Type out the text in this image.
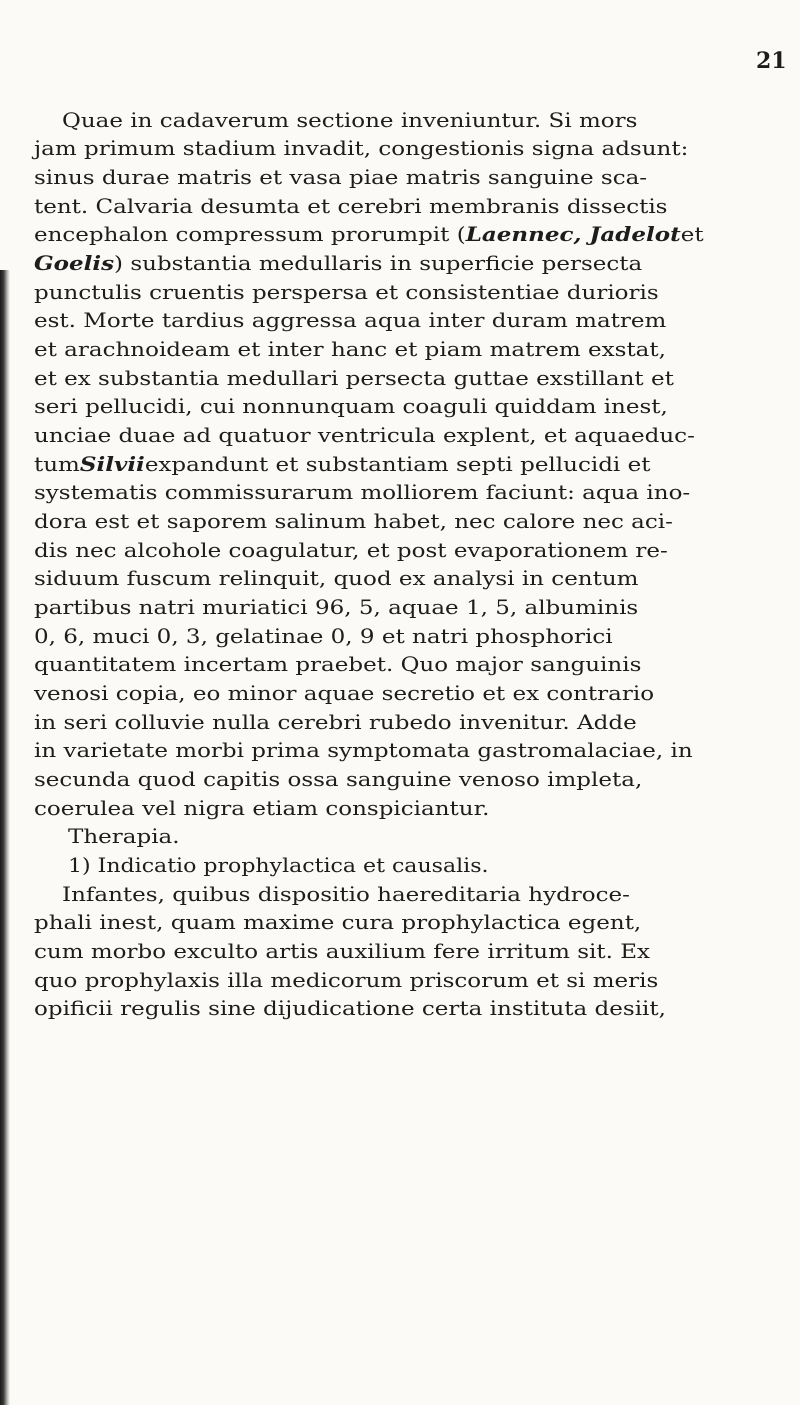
21
Quae in cadaverum sectione inveniuntur. Si mors
jam primum stadium invadit, congestionis signa adsunt:
sinus durae matris et vasa piae matris sanguine sca-
tent. Calvaria desumta et cerebri membranis dissectis
encephalon compressum prorumpit (Laennec, Jadelotet
Goelis) substantia medullaris in superficie persecta
punctulis cruentis perspersa et consistentiae durioris
est. Morte tardius aggressa aqua inter duram matrem
et arachnoideam et inter hanc et piam matrem exstat,
et ex substantia medullari persecta guttae exstillant et
seri pellucidi, cui nonnunquam coaguli quiddam inest,
unciae duae ad quatuor ventricula explent, et aquaeduc-
tumSilviiexpandunt et substantiam septi pellucidi et
systematis commissurarum molliorem faciunt: aqua ino-
dora est et saporem salinum habet, nec calore nec aci-
dis nec alcohole coagulatur, et post evaporationem re-
siduum fuscum relinquit, quod ex analysi in centum
partibus natri muriatici 96, 5, aquae 1, 5, albuminis
0, 6, muci 0, 3, gelatinae 0, 9 et natri phosphorici
quantitatem incertam praebet. Quo major sanguinis
venosi copia, eo minor aquae secretio et ex contrario
in seri colluvie nulla cerebri rubedo invenitur. Adde
in varietate morbi prima symptomata gastromalaciae, in
secunda quod capitis ossa sanguine venoso impleta,
coerulea vel nigra etiam conspiciantur.
Therapia.
1) Indicatio prophylactica et causalis.
Infantes, quibus dispositio haereditaria hydroce-
phali inest, quam maxime cura prophylactica egent,
cum morbo exculto artis auxilium fere irritum sit. Ex
quo prophylaxis illa medicorum priscorum et si meris
opificii regulis sine dijudicatione certa instituta desiit,
